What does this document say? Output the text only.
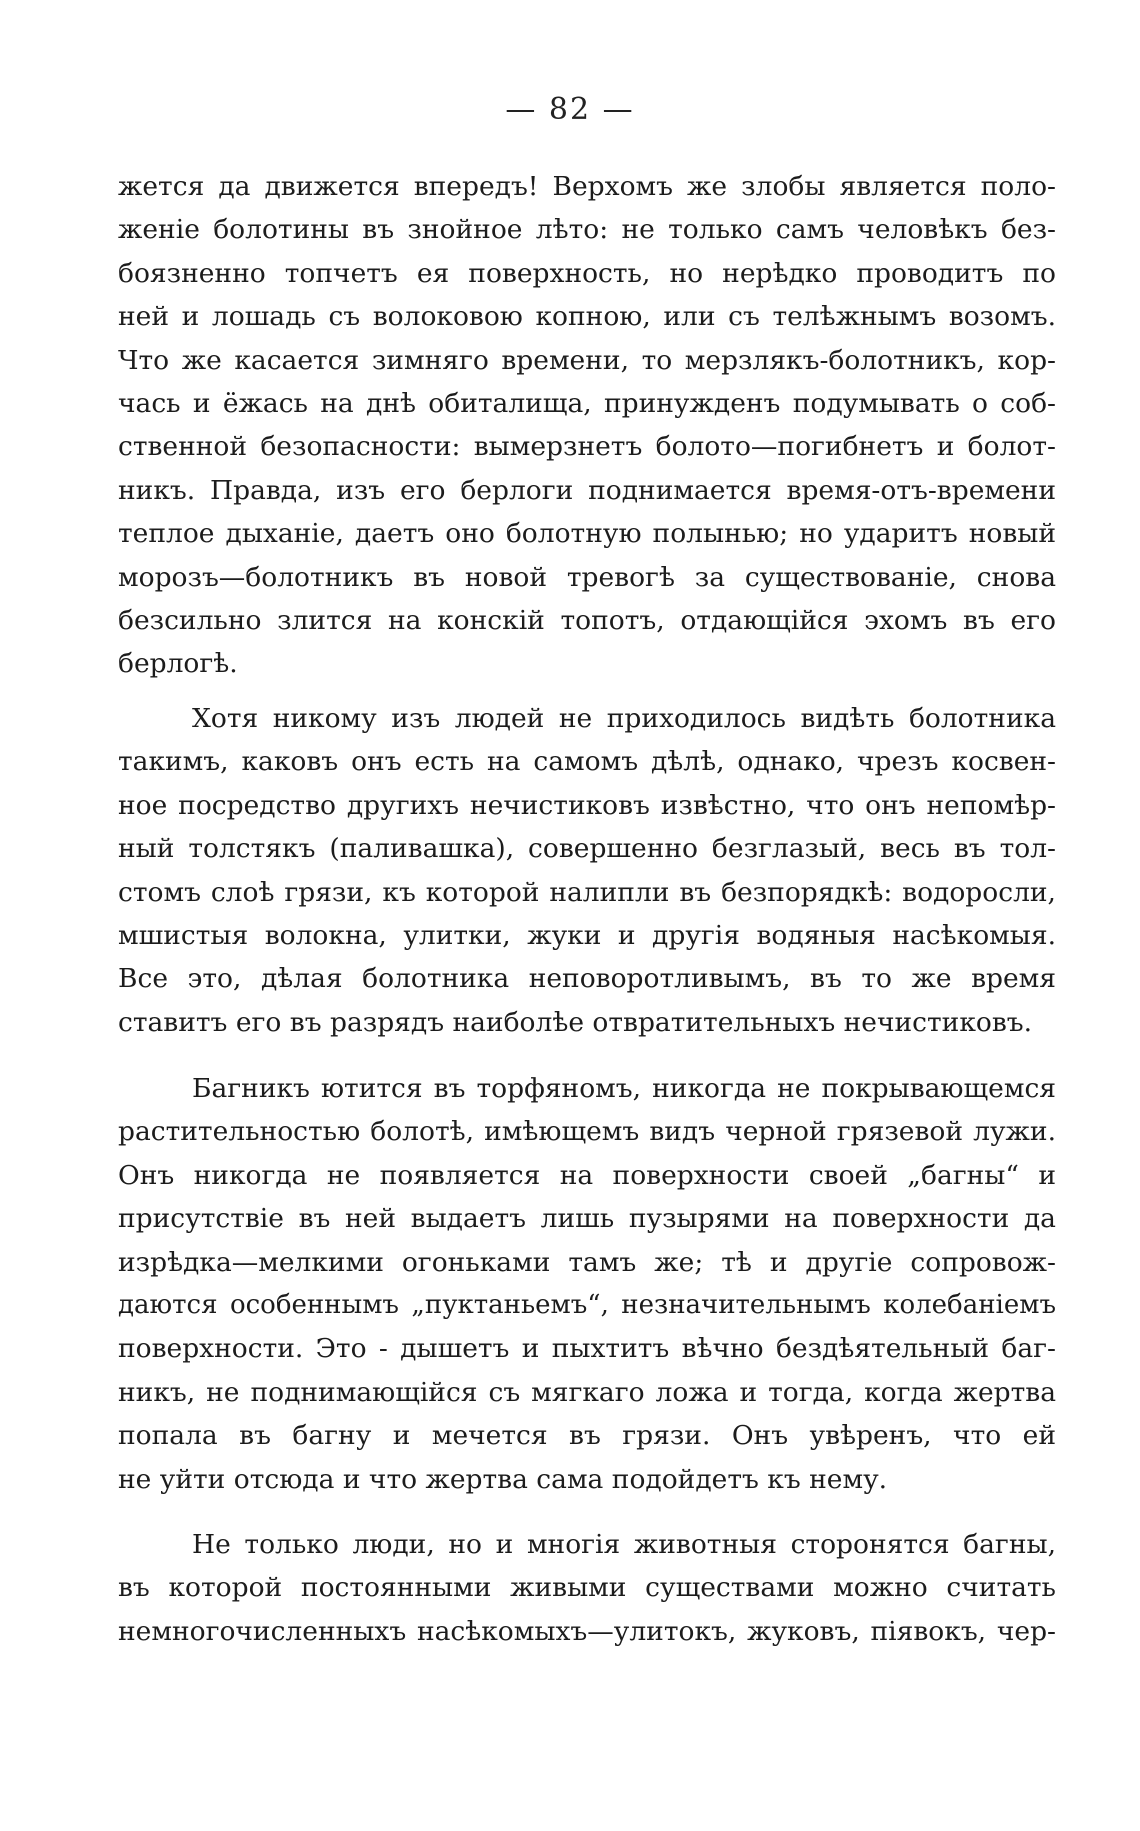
— 82 —
жется да движется впередъ! Верхомъ же злобы является поло-
женіе болотины въ знойное лѣто: не только самъ человѣкъ без-
боязненно топчетъ ея поверхность, но нерѣдко проводитъ по
ней и лошадь съ волоковою копною, или съ телѣжнымъ возомъ.
Что же касается зимняго времени, то мерзлякъ-болотникъ, кор-
чась и ёжась на днѣ обиталища, принужденъ подумывать о соб-
ственной безопасности: вымерзнетъ болото—погибнетъ и болот-
никъ. Правда, изъ его берлоги поднимается время-отъ-времени
теплое дыханіе, даетъ оно болотную полынью; но ударитъ новый
морозъ—болотникъ въ новой тревогѣ за существованіе, снова
безсильно злится на конскій топотъ, отдающійся эхомъ въ его
берлогѣ.
Хотя никому изъ людей не приходилось видѣть болотника
такимъ, каковъ онъ есть на самомъ дѣлѣ, однако, чрезъ косвен-
ное посредство другихъ нечистиковъ извѣстно, что онъ непомѣр-
ный толстякъ (паливашка), совершенно безглазый, весь въ тол-
стомъ слоѣ грязи, къ которой налипли въ безпорядкѣ: водоросли,
мшистыя волокна, улитки, жуки и другія водяныя насѣкомыя.
Все это, дѣлая болотника неповоротливымъ, въ то же время
ставитъ его въ разрядъ наиболѣе отвратительныхъ нечистиковъ.
Багникъ ютится въ торфяномъ, никогда не покрывающемся
растительностью болотѣ, имѣющемъ видъ черной грязевой лужи.
Онъ никогда не появляется на поверхности своей „багны“ и
присутствіе въ ней выдаетъ лишь пузырями на поверхности да
изрѣдка—мелкими огоньками тамъ же; тѣ и другіе сопровож-
даются особеннымъ „пуктаньемъ“, незначительнымъ колебаніемъ
поверхности. Это - дышетъ и пыхтитъ вѣчно бездѣятельный баг-
никъ, не поднимающійся съ мягкаго ложа и тогда, когда жертва
попала въ багну и мечется въ грязи. Онъ увѣренъ, что ей
не уйти отсюда и что жертва сама подойдетъ къ нему.
Не только люди, но и многія животныя сторонятся багны,
въ которой постоянными живыми существами можно считать
немногочисленныхъ насѣкомыхъ—улитокъ, жуковъ, піявокъ, чер-
